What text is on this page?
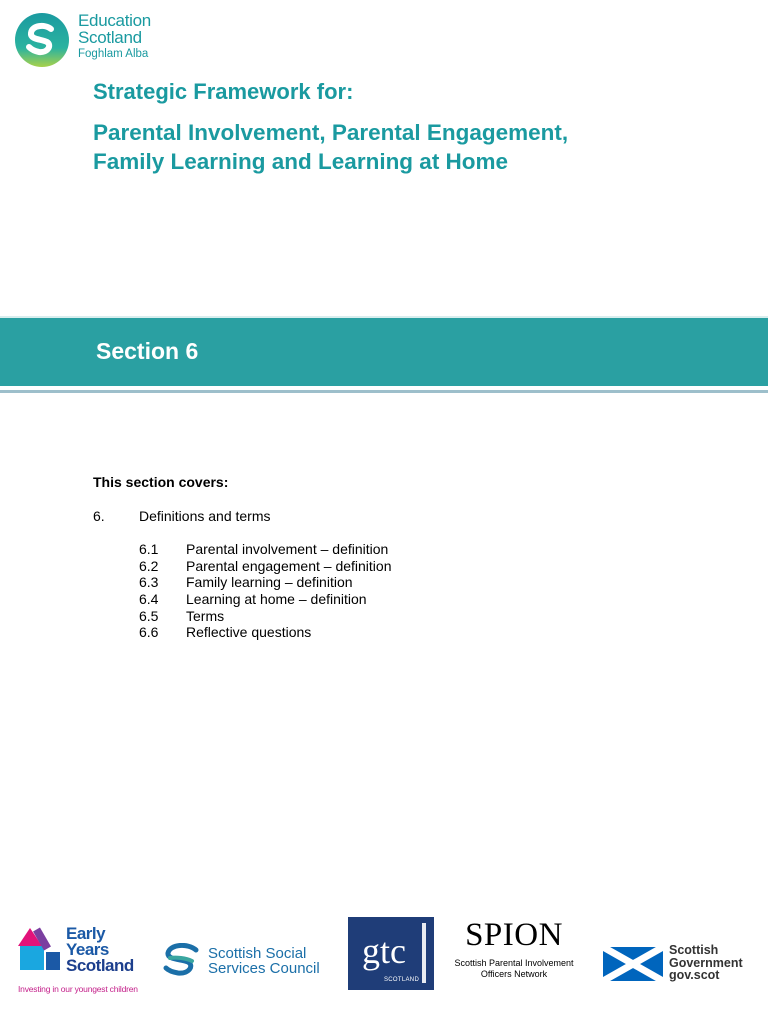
Education
Scotland
Foghlam Alba
Strategic Framework for:
Parental Involvement, Parental Engagement,
Family Learning and Learning at Home
Section 6
This section covers:
6. Definitions and terms
6.1 Parental involvement – definition
6.2 Parental engagement – definition
6.3 Family learning – definition
6.4 Learning at home – definition
6.5 Terms
6.6 Reflective questions
Early
Years
Scotland
Investing in our youngest children
Scottish Social
Services Council	gtc
SCOTLAND
SPION
Scottish Parental Involvement
Officers Network
Scottish
Government
gov.scot
